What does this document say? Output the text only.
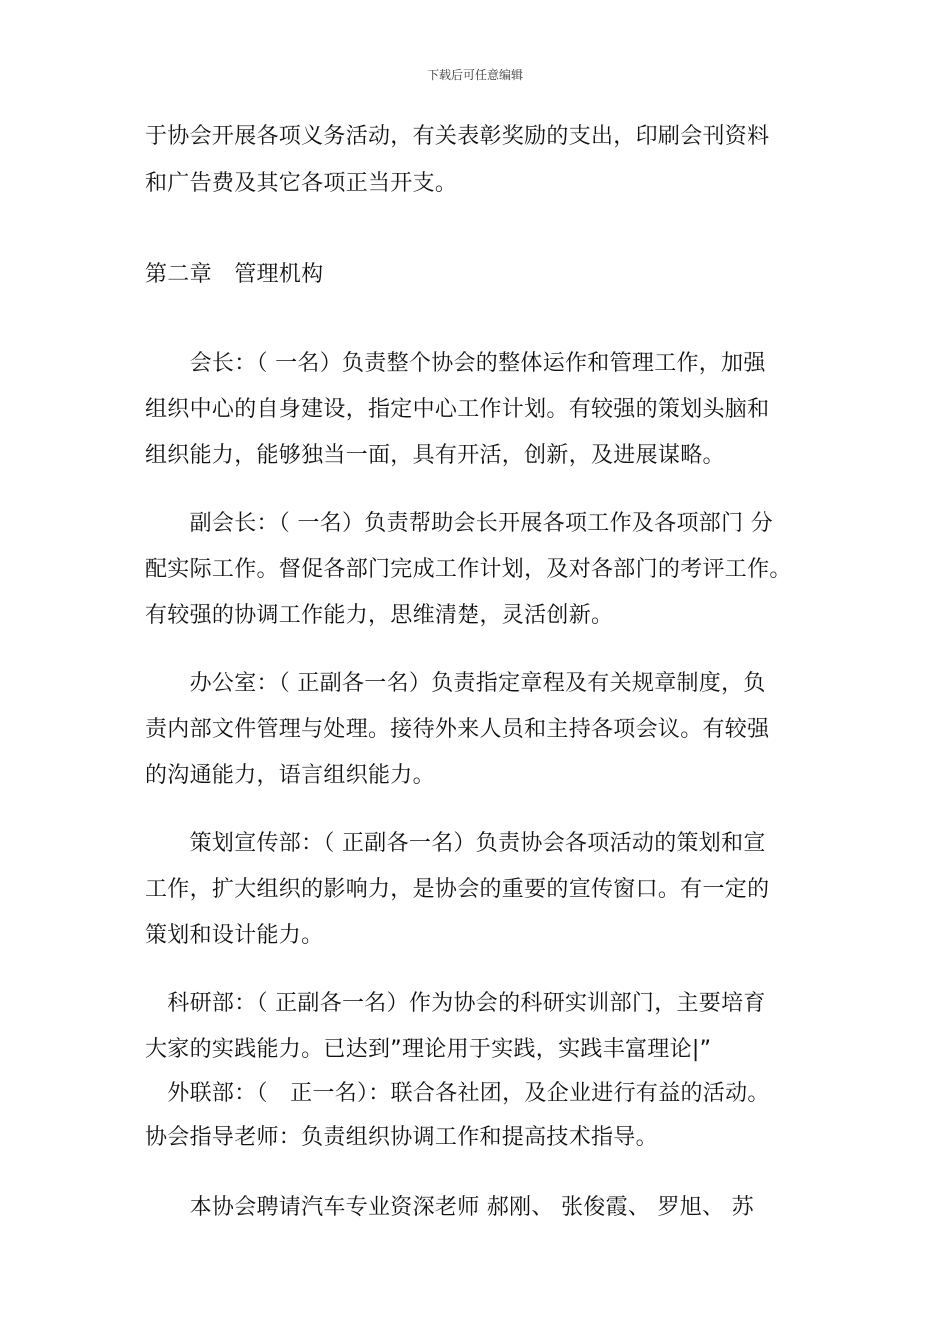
下载后可任意编辑
于协会开展各项义务活动，有关表彰奖励的支出，印刷会刊资料
和广告费及其它各项正当开支。
第二章　管理机构
　　会长：（ 一名）负责整个协会的整体运作和管理工作，加强
组织中心的自身建设，指定中心工作计划。有较强的策划头脑和
组织能力，能够独当一面，具有开活，创新，及进展谋略。
　　副会长：（ 一名）负责帮助会长开展各项工作及各项部门 分
配实际工作。督促各部门完成工作计划，及对各部门的考评工作。
有较强的协调工作能力，思维清楚，灵活创新。
　　办公室：（ 正副各一名）负责指定章程及有关规章制度，负
责内部文件管理与处理。接待外来人员和主持各项会议。有较强
的沟通能力，语言组织能力。
　　策划宣传部：（ 正副各一名）负责协会各项活动的策划和宣
工作，扩大组织的影响力，是协会的重要的宣传窗口。有一定的
策划和设计能力。
　科研部：（ 正副各一名）作为协会的科研实训部门，主要培育
大家的实践能力。已达到”理论用于实践，实践丰富理论|”
　外联部：（　正一名）：联合各社团，及企业进行有益的活动。
协会指导老师：负责组织协调工作和提高技术指导。
　　本协会聘请汽车专业资深老师 郝刚、 张俊霞、 罗旭、 苏
